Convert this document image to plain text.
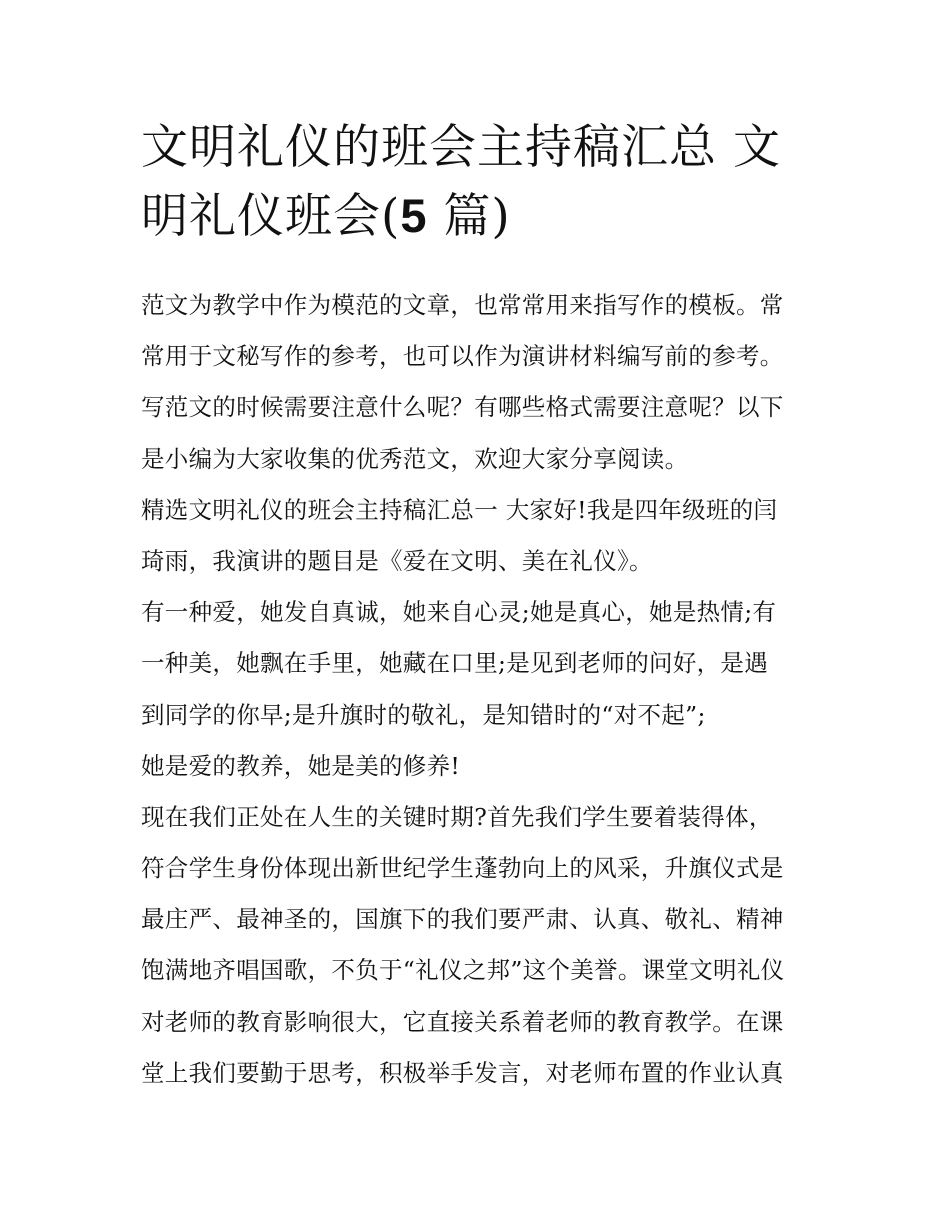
文明礼仪的班会主持稿汇总 文明礼仪班会(5 篇)
范文为教学中作为模范的文章，也常常用来指写作的模板。常
常用于文秘写作的参考，也可以作为演讲材料编写前的参考。
写范文的时候需要注意什么呢？有哪些格式需要注意呢？以下
是小编为大家收集的优秀范文，欢迎大家分享阅读。
精选文明礼仪的班会主持稿汇总一 大家好!我是四年级班的闫
琦雨，我演讲的题目是《爱在文明、美在礼仪》。
有一种爱，她发自真诚，她来自心灵;她是真心，她是热情;有
一种美，她飘在手里，她藏在口里;是见到老师的问好，是遇
到同学的你早;是升旗时的敬礼，是知错时的“对不起”;
她是爱的教养，她是美的修养!
现在我们正处在人生的关键时期?首先我们学生要着装得体，
符合学生身份体现出新世纪学生蓬勃向上的风采，升旗仪式是
最庄严、最神圣的，国旗下的我们要严肃、认真、敬礼、精神
饱满地齐唱国歌，不负于“礼仪之邦”这个美誉。课堂文明礼仪
对老师的教育影响很大，它直接关系着老师的教育教学。在课
堂上我们要勤于思考，积极举手发言，对老师布置的作业认真
